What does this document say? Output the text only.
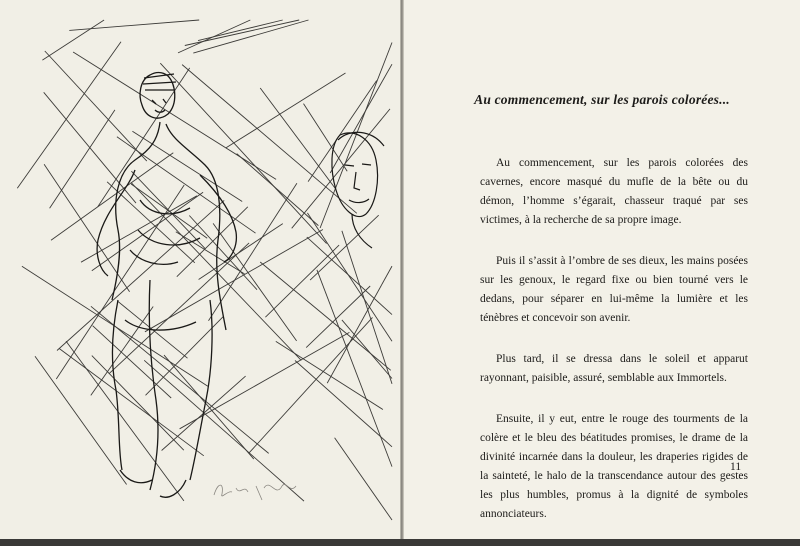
Au commencement, sur les parois colorées...

Au commencement, sur les parois colorées des cavernes, encore masqué du mufle de la bête ou du démon, l’homme s’égarait, chasseur traqué par ses victimes, à la recherche de sa propre image.

Puis il s’assit à l’ombre de ses dieux, les mains posées sur les genoux, le regard fixe ou bien tourné vers le dedans, pour séparer en lui-même la lumière et les ténèbres et concevoir son avenir.

Plus tard, il se dressa dans le soleil et apparut rayonnant, paisible, assuré, semblable aux Immortels.

Ensuite, il y eut, entre le rouge des tourments de la colère et le bleu des béatitudes promises, le drame de la divinité incarnée dans la douleur, les draperies rigides de la sainteté, le halo de la transcendance autour des gestes les plus humbles, promus à la dignité de symboles annonciateurs.

11
